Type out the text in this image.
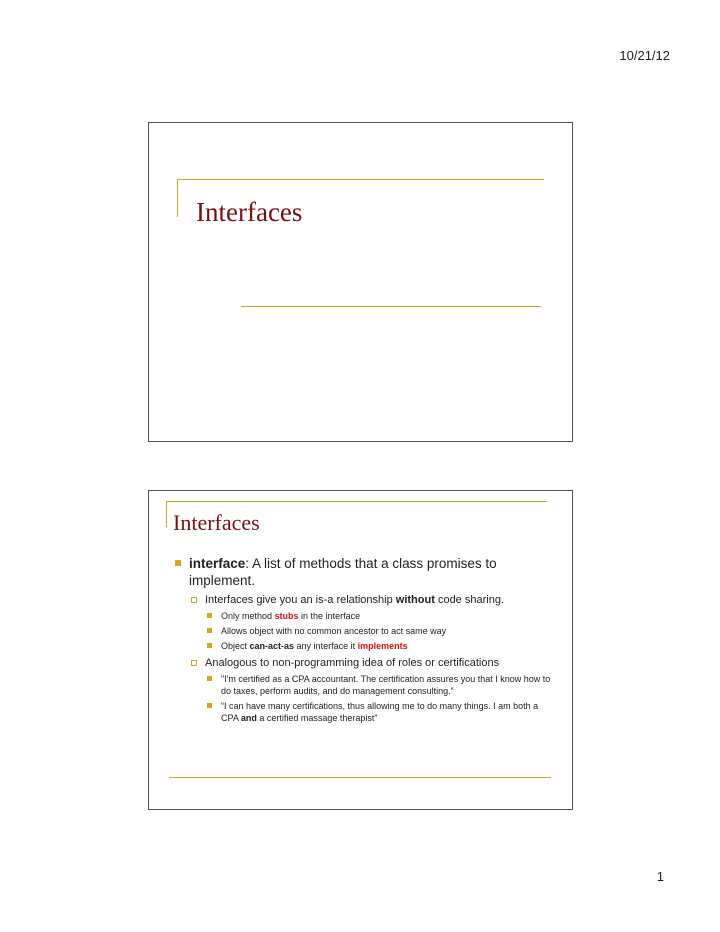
10/21/12
Interfaces
Interfaces
interface: A list of methods that a class promises to implement.
Interfaces give you an is-a relationship without code sharing.
Only method stubs in the interface
Allows object with no common ancestor to act same way
Object can-act-as any interface it implements
Analogous to non-programming idea of roles or certifications
"I'm certified as a CPA accountant. The certification assures you that I know how to do taxes, perform audits, and do management consulting.“
“I can have many certifications, thus allowing me to do many things. I am both a CPA and a certified massage therapist”
1
